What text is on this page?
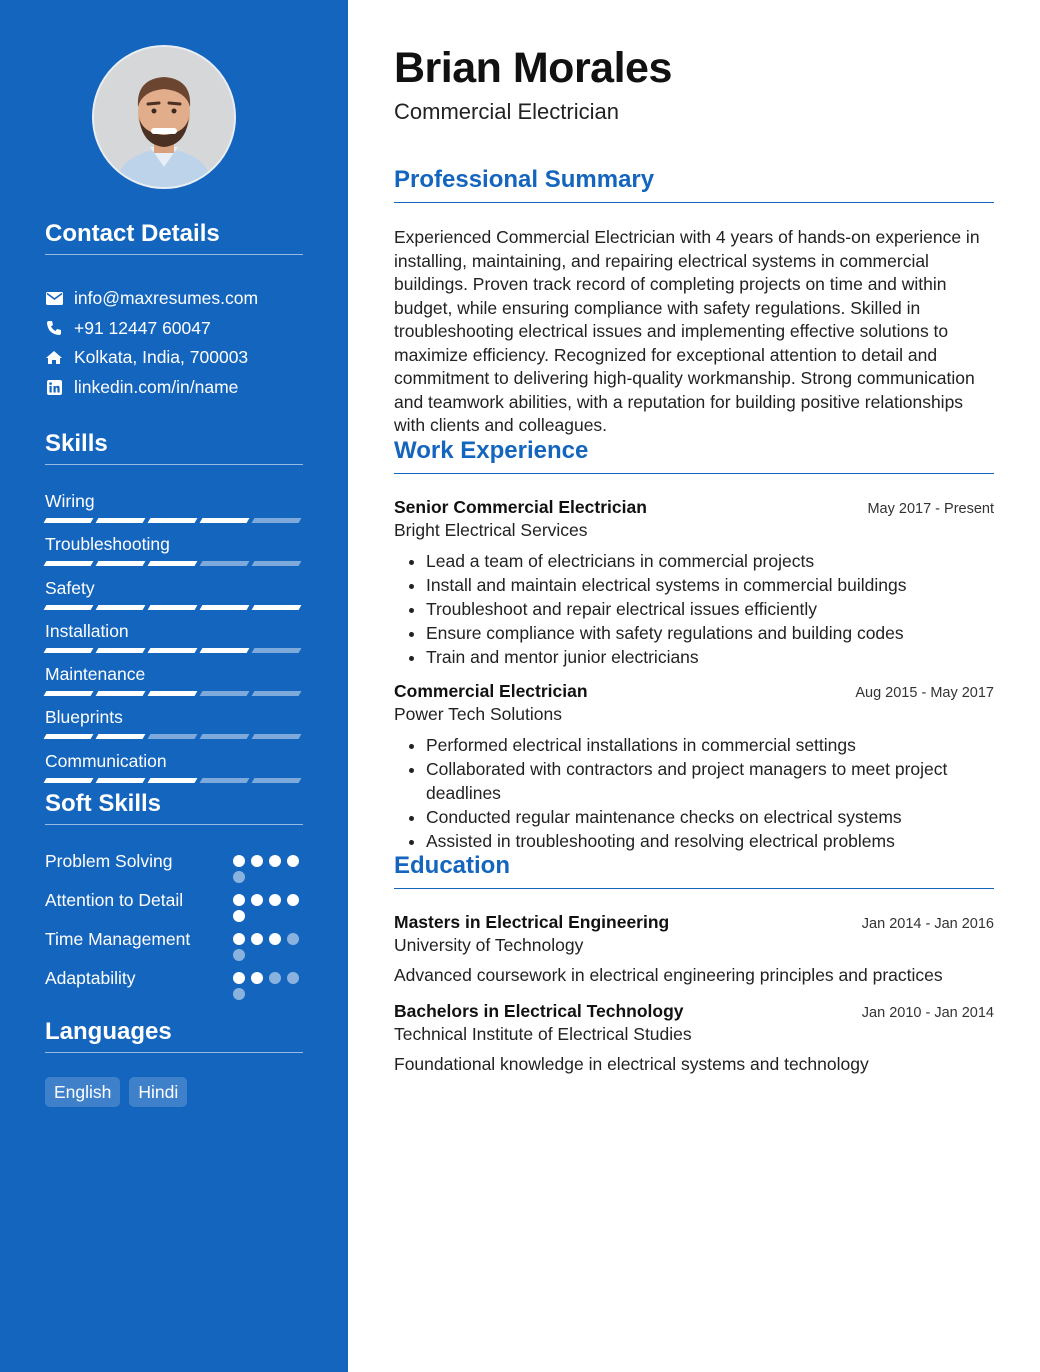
Contact Details
info@maxresumes.com
+91 12447 60047
Kolkata, India, 700003
linkedin.com/in/name
Skills
Wiring
Troubleshooting
Safety
Installation
Maintenance
Blueprints
Communication
Soft Skills
Problem Solving
Attention to Detail
Time Management
Adaptability
Languages
English	Hindi
Brian Morales
Commercial Electrician
Professional Summary

Experienced Commercial Electrician with 4 years of hands-on experience in installing, maintaining, and repairing electrical systems in commercial buildings. Proven track record of completing projects on time and within budget, while ensuring compliance with safety regulations. Skilled in troubleshooting electrical issues and implementing effective solutions to maximize efficiency. Recognized for exceptional attention to detail and commitment to delivering high-quality workmanship. Strong communication and teamwork abilities, with a reputation for building positive relationships with clients and colleagues.

Work Experience
Senior Commercial Electrician	May 2017 - Present
Bright Electrical Services
• Lead a team of electricians in commercial projects
• Install and maintain electrical systems in commercial buildings
• Troubleshoot and repair electrical issues efficiently
• Ensure compliance with safety regulations and building codes
• Train and mentor junior electricians
Commercial Electrician	Aug 2015 - May 2017
Power Tech Solutions
• Performed electrical installations in commercial settings
• Collaborated with contractors and project managers to meet project deadlines
• Conducted regular maintenance checks on electrical systems
• Assisted in troubleshooting and resolving electrical problems
Education
Masters in Electrical Engineering	Jan 2014 - Jan 2016
University of Technology
Advanced coursework in electrical engineering principles and practices
Bachelors in Electrical Technology	Jan 2010 - Jan 2014
Technical Institute of Electrical Studies
Foundational knowledge in electrical systems and technology
